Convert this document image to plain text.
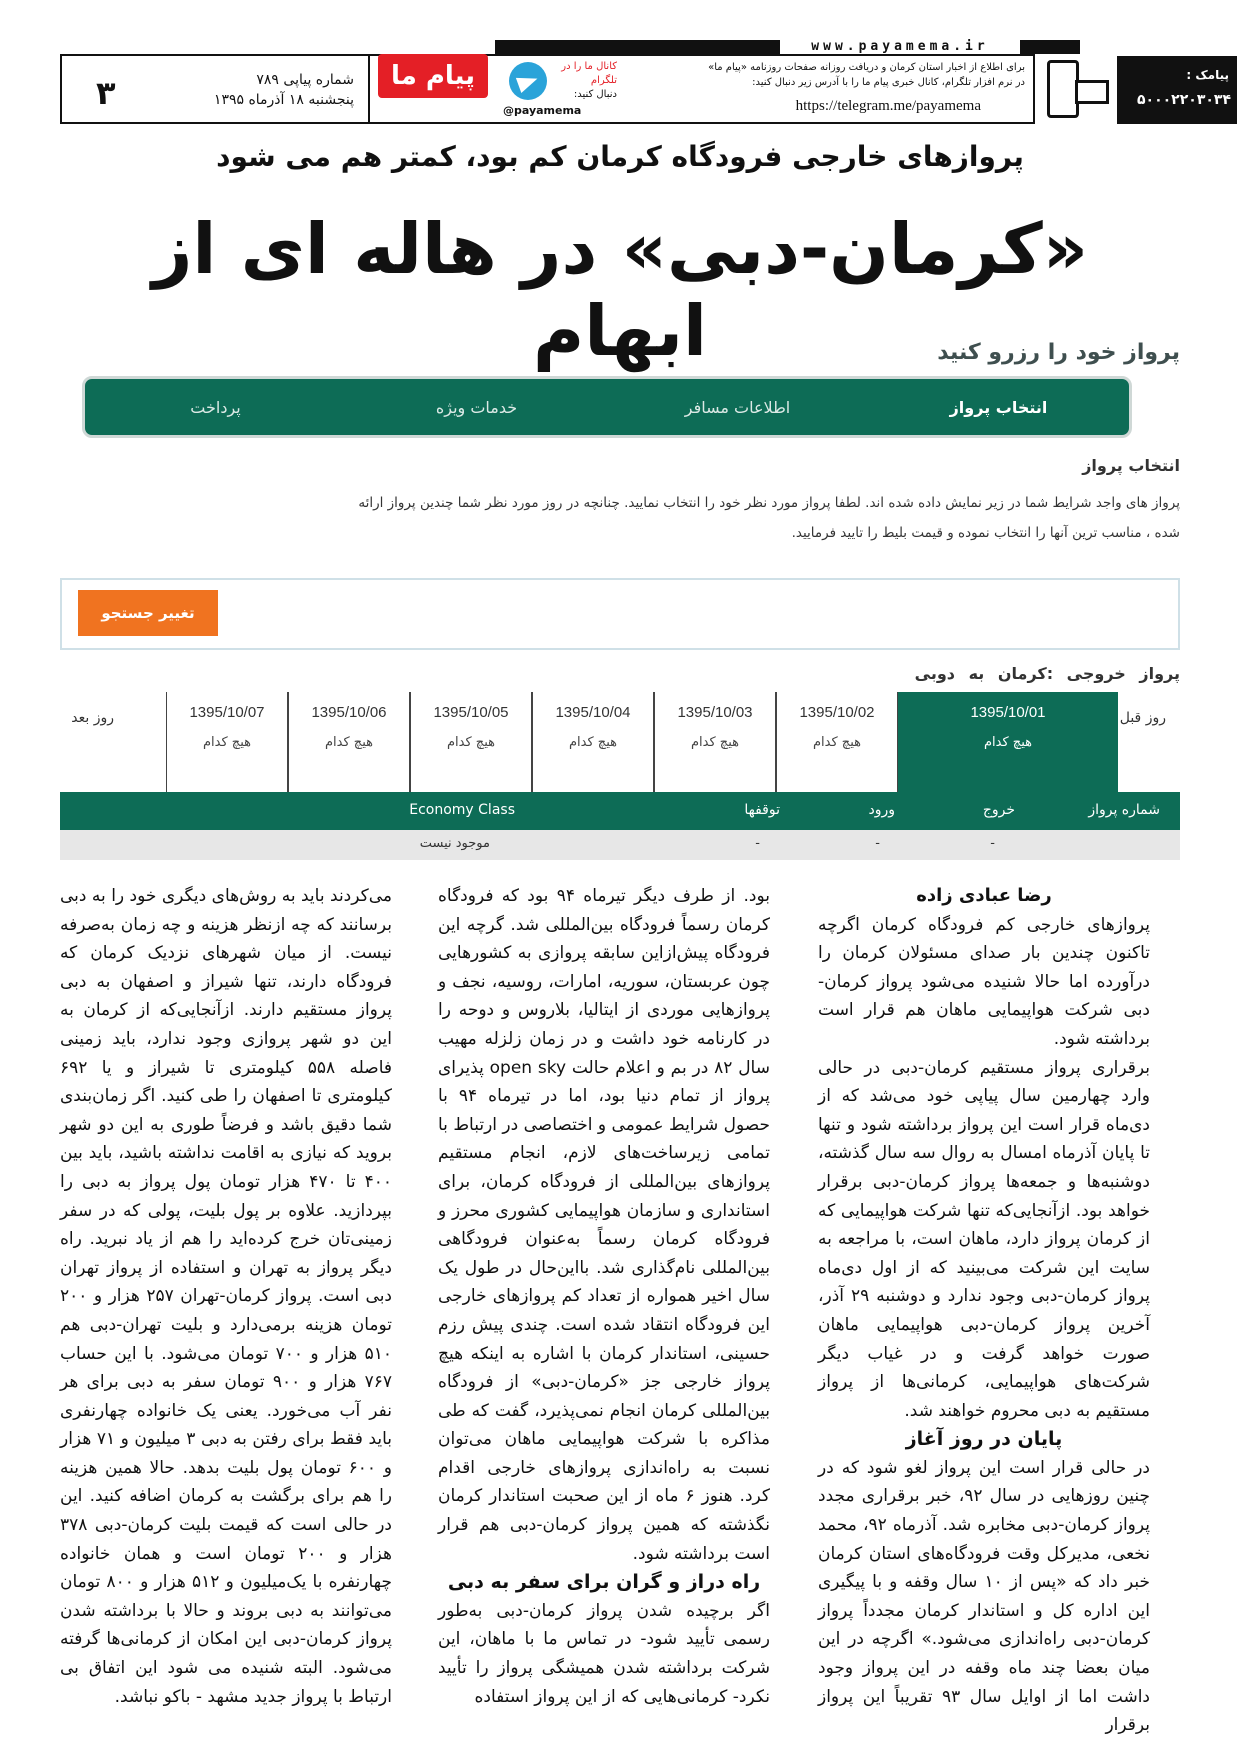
www.payamema.ir
۳	شماره پیاپی ۷۸۹
پنجشنبه ۱۸ آذرماه ۱۳۹۵
پیام ما
@payamema
کانال ما را در
تلگرام
دنبال کنید:
برای اطلاع از اخبار استان کرمان و دریافت روزانه صفحات روزنامه «پیام ما» در نرم افزار تلگرام، کانال خبری پیام ما را با آدرس زیر دنبال کنید:
https://telegram.me/payamema
پیامک :
۵۰۰۰۲۲۰۳۰۳۴
پروازهای خارجی فرودگاه کرمان کم بود، کمتر هم می شود
«کرمان-دبی» در هاله ای از ابهام	پرواز خود را رزرو کنید
انتخاب پرواز
اطلاعات مسافر
خدمات ویژه
پرداخت
انتخاب پرواز
پرواز های واجد شرایط شما در زیر نمایش داده شده اند. لطفا پرواز مورد نظر خود را انتخاب نمایید. چنانچه در روز مورد نظر شما چندین پرواز ارائه
شده ، مناسب ترین آنها را انتخاب نموده و قیمت بلیط را تایید فرمایید.
تغییر جستجو
پرواز خروجی :کرمان به دوبی
روز قبل
1395/10/01
هیچ کدام
1395/10/02
هیچ کدام
1395/10/03
هیچ کدام
1395/10/04
هیچ کدام
1395/10/05
هیچ کدام
1395/10/06
هیچ کدام
1395/10/07
هیچ کدام
روز بعد
شماره پرواز
خروج
ورود
توقفها
Economy Class
-
-
-
موجود نیست

رضا عبادی زاده

پروازهای خارجی کم فرودگاه کرمان اگرچه تاکنون چندین بار صدای مسئولان کرمان را درآورده اما حالا شنیده می‌شود پرواز کرمان-دبی شرکت هواپیمایی ماهان هم قرار است برداشته شود.

برقراری پرواز مستقیم کرمان-دبی در حالی وارد چهارمین سال پیاپی خود می‌شد که از دی‌ماه قرار است این پرواز برداشته شود و تنها تا پایان آذرماه امسال به روال سه سال گذشته، دوشنبه‌ها و جمعه‌ها پرواز کرمان-دبی برقرار خواهد بود. ازآنجایی‌که تنها شرکت هواپیمایی که از کرمان پرواز دارد، ماهان است، با مراجعه به سایت این شرکت می‌بینید که از اول دی‌ماه پرواز کرمان-دبی وجود ندارد و دوشنبه ۲۹ آذر، آخرین پرواز کرمان-دبی هواپیمایی ماهان صورت خواهد گرفت و در غیاب دیگر شرکت‌های هواپیمایی، کرمانی‌ها از پرواز مستقیم به دبی محروم خواهند شد.

پایان در روز آغاز

در حالی قرار است این پرواز لغو شود که در چنین روزهایی در سال ۹۲، خبر برقراری مجدد پرواز کرمان-دبی مخابره شد. آذرماه ۹۲، محمد نخعی، مدیرکل وقت فرودگاه‌های استان کرمان خبر داد که «پس از ۱۰ سال وقفه و با پیگیری این اداره کل و استاندار کرمان مجدداً پرواز کرمان-دبی راه‌اندازی می‌شود.» اگرچه در این میان بعضا چند ماه وقفه در این پرواز وجود داشت اما از اوایل سال ۹۳ تقریباً این پرواز برقرار

بود. از طرف دیگر تیرماه ۹۴ بود که فرودگاه کرمان رسماً فرودگاه بین‌المللی شد. گرچه این فرودگاه پیش‌ازاین سابقه پروازی به کشورهایی چون عربستان، سوریه، امارات، روسیه، نجف و پروازهایی موردی از ایتالیا، بلاروس و دوحه را در کارنامه خود داشت و در زمان زلزله مهیب سال ۸۲ در بم و اعلام حالت open sky پذیرای پرواز از تمام دنیا بود، اما در تیرماه ۹۴ با حصول شرایط عمومی و اختصاصی در ارتباط با تمامی زیرساخت‌های لازم، انجام مستقیم پروازهای بین‌المللی از فرودگاه کرمان، برای استانداری و سازمان هواپیمایی کشوری محرز و فرودگاه کرمان رسماً به‌عنوان فرودگاهی بین‌المللی نام‌گذاری شد. بااین‌حال در طول یک سال اخیر همواره از تعداد کم پروازهای خارجی این فرودگاه انتقاد شده است. چندی پیش رزم حسینی، استاندار کرمان با اشاره به اینکه هیچ پرواز خارجی جز «کرمان-دبی» از فرودگاه بین‌المللی کرمان انجام نمی‌پذیرد، گفت که طی مذاکره با شرکت هواپیمایی ماهان می‌توان نسبت به راه‌اندازی پروازهای خارجی اقدام کرد. هنوز ۶ ماه از این صحبت استاندار کرمان نگذشته که همین پرواز کرمان-دبی هم قرار است برداشته شود.

راه دراز و گران برای سفر به دبی

اگر برچیده شدن پرواز کرمان-دبی به‌طور رسمی تأیید شود- در تماس ما با ماهان، این شرکت برداشته شدن همیشگی پرواز را تأیید نکرد- کرمانی‌هایی که از این پرواز استفاده

می‌کردند باید به روش‌های دیگری خود را به دبی برسانند که چه ازنظر هزینه و چه زمان به‌صرفه نیست. از میان شهرهای نزدیک کرمان که فرودگاه دارند، تنها شیراز و اصفهان به دبی پرواز مستقیم دارند. ازآنجایی‌که از کرمان به این دو شهر پروازی وجود ندارد، باید زمینی فاصله ۵۵۸ کیلومتری تا شیراز و یا ۶۹۲ کیلومتری تا اصفهان را طی کنید. اگر زمان‌بندی شما دقیق باشد و فرضاً طوری به این دو شهر بروید که نیازی به اقامت نداشته باشید، باید بین ۴۰۰ تا ۴۷۰ هزار تومان پول پرواز به دبی را بپردازید. علاوه بر پول بلیت، پولی که در سفر زمینی‌تان خرج کرده‌اید را هم از یاد نبرید. راه دیگر پرواز به تهران و استفاده از پرواز تهران دبی است. پرواز کرمان-تهران ۲۵۷ هزار و ۲۰۰ تومان هزینه برمی‌دارد و بلیت تهران-دبی هم ۵۱۰ هزار و ۷۰۰ تومان می‌شود. با این حساب ۷۶۷ هزار و ۹۰۰ تومان سفر به دبی برای هر نفر آب می‌خورد. یعنی یک خانواده چهارنفری باید فقط برای رفتن به دبی ۳ میلیون و ۷۱ هزار و ۶۰۰ تومان پول بلیت بدهد. حالا همین هزینه را هم برای برگشت به کرمان اضافه کنید. این در حالی است که قیمت بلیت کرمان-دبی ۳۷۸ هزار و ۲۰۰ تومان است و همان خانواده چهارنفره با یک‌میلیون و ۵۱۲ هزار و ۸۰۰ تومان می‌توانند به دبی بروند و حالا با برداشته شدن پرواز کرمان-دبی این امکان از کرمانی‌ها گرفته می‌شود. البته شنیده می شود این اتفاق بی ارتباط با پرواز جدید مشهد - باکو نباشد.
